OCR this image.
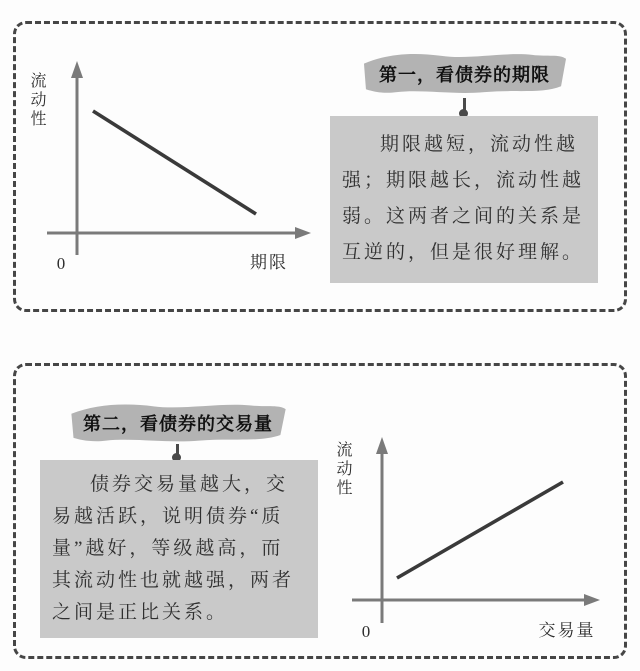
流动性
0	期限
第一，看债券的期限
期限越短，流动性越
强；期限越长，流动性越
弱。这两者之间的关系是
互逆的，但是很好理解。
第二，看债券的交易量
债券交易量越大，交
易越活跃，说明债券“质
量”越好，等级越高，而
其流动性也就越强，两者
之间是正比关系。
流动性
0	交易量
